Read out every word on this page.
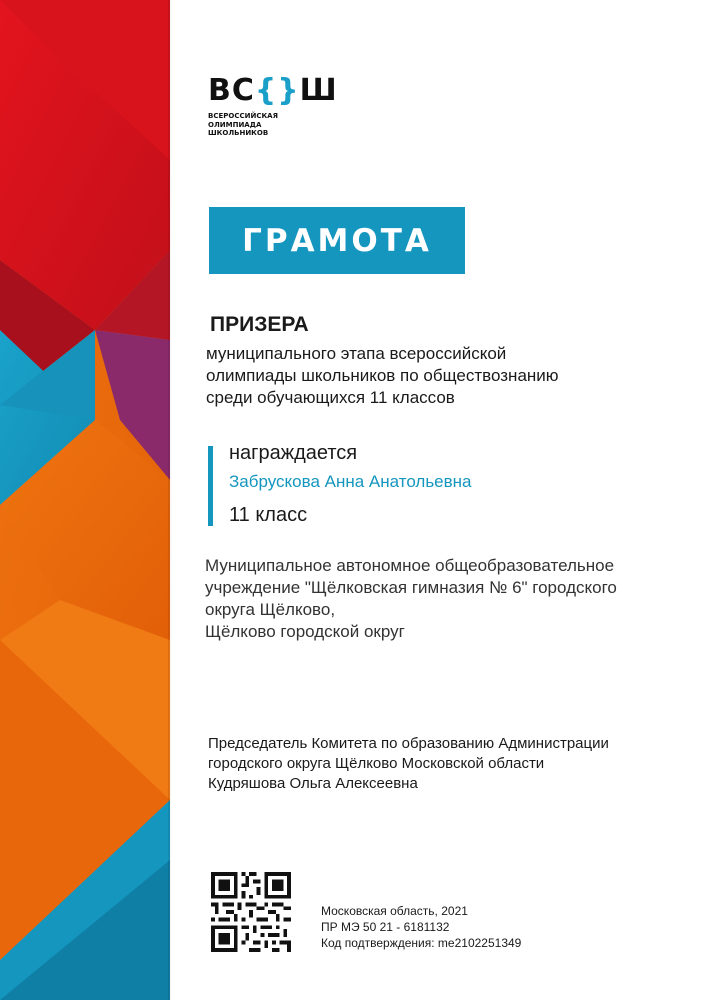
ВС{}Ш
ВСЕРОССИЙСКАЯ
ОЛИМПИАДА
ШКОЛЬНИКОВ
ГРАМОТА
ПРИЗЕРА
муниципального этапа всероссийской
олимпиады школьников по обществознанию
среди обучающихся 11 классов
награждается
Забрускова Анна Анатольевна
11 класс
Муниципальное автономное общеобразовательное
учреждение "Щёлковская гимназия № 6" городского
округа Щёлково,
Щёлково городской округ
Председатель Комитета по образованию Администрации
городского округа Щёлково Московской области
Кудряшова Ольга Алексеевна
Московская область, 2021
ПР МЭ 50 21 - 6181132
Код подтверждения: me2102251349
